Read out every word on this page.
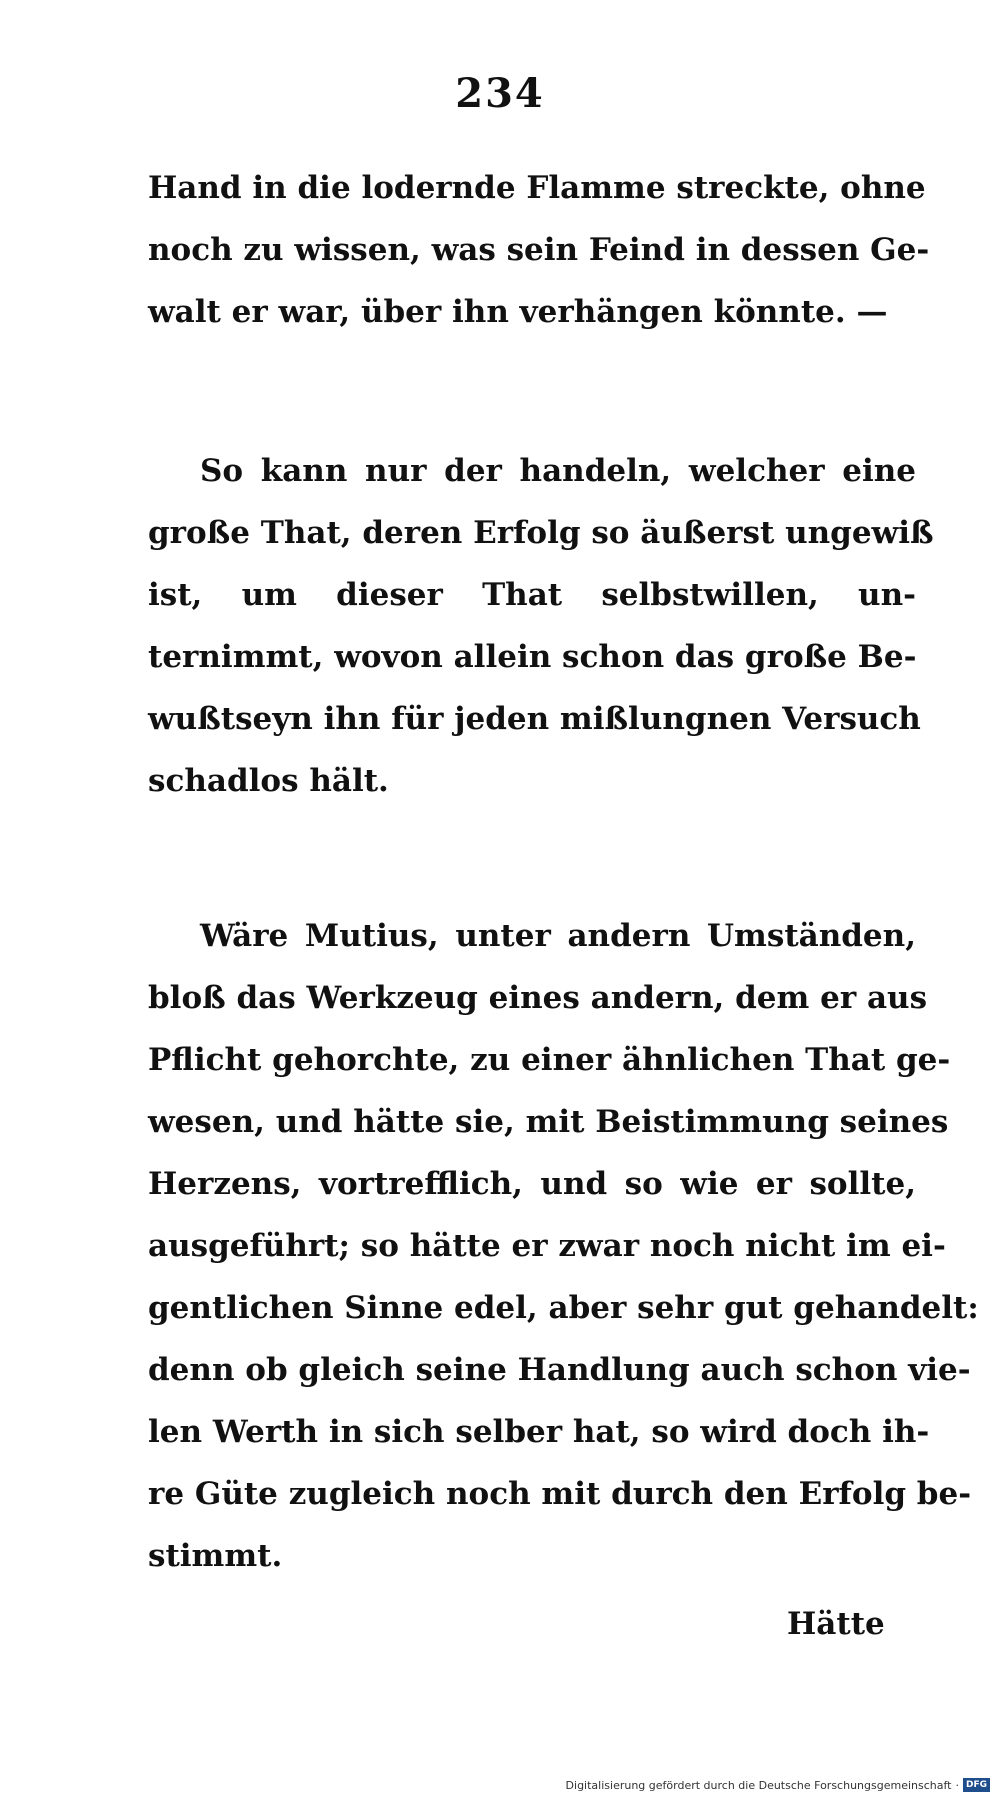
234
Hand in die lodernde Flamme streckte, ohne
noch zu wissen, was sein Feind in dessen Ge-
walt er war, über ihn verhängen könnte. —
So kann nur der handeln, welcher eine
große That, deren Erfolg so äußerst ungewiß
ist, um dieser That selbstwillen, un-
ternimmt, wovon allein schon das große Be-
wußtseyn ihn für jeden mißlungnen Versuch
schadlos hält.
Wäre Mutius, unter andern Umständen,
bloß das Werkzeug eines andern, dem er aus
Pflicht gehorchte, zu einer ähnlichen That ge-
wesen, und hätte sie, mit Beistimmung seines
Herzens, vortrefflich, und so wie er sollte,
ausgeführt; so hätte er zwar noch nicht im ei-
gentlichen Sinne edel, aber sehr gut gehandelt:
denn ob gleich seine Handlung auch schon vie-
len Werth in sich selber hat, so wird doch ih-
re Güte zugleich noch mit durch den Erfolg be-
stimmt.
Hätte
Digitalisierung gefördert durch die Deutsche Forschungsgemeinschaft · DFG
